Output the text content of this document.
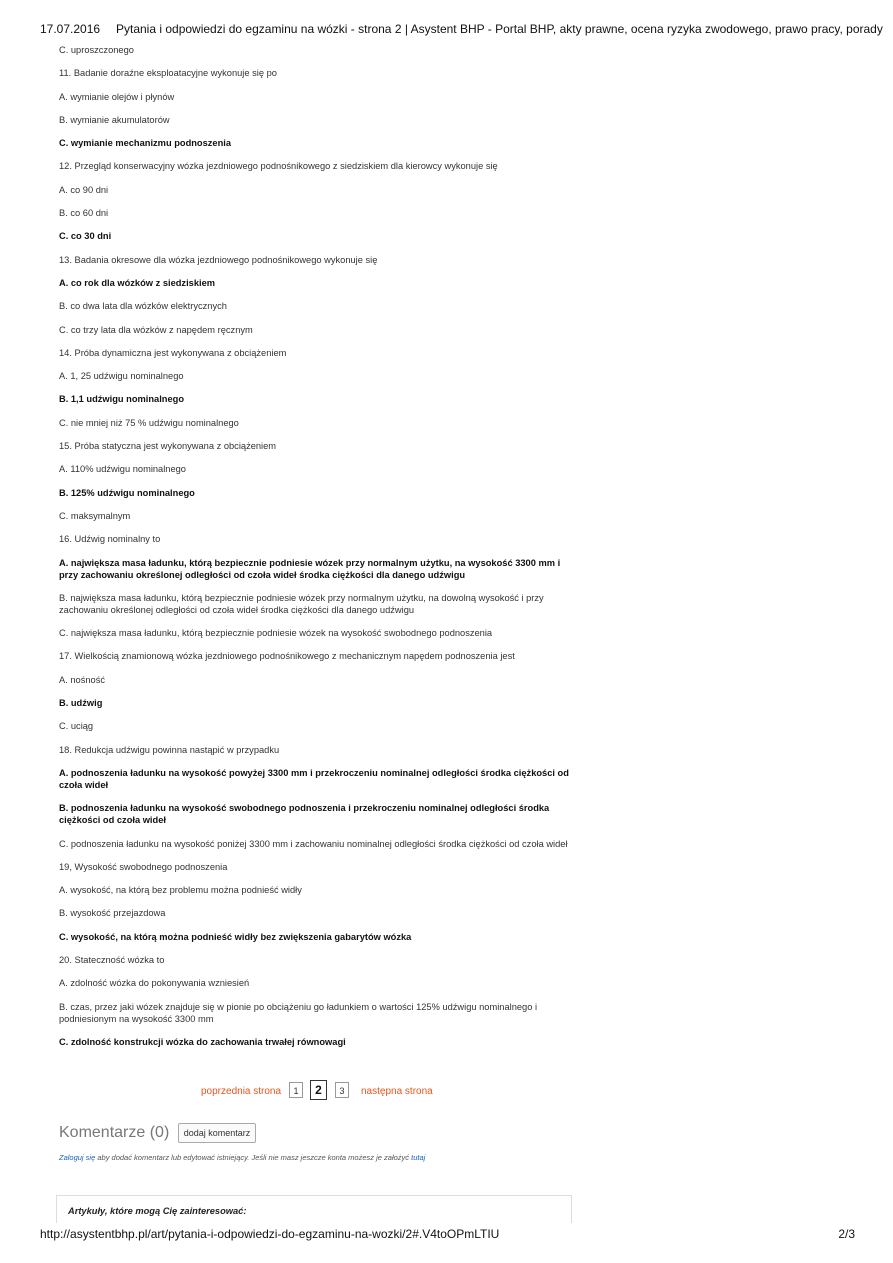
17.07.2016 Pytania i odpowiedzi do egzaminu na wózki - strona 2 | Asystent BHP - Portal BHP, akty prawne, ocena ryzyka zwodowego, prawo pracy, porady

C. uproszczonego

11. Badanie doraźne eksploatacyjne wykonuje się po

A. wymianie olejów i płynów

B. wymianie akumulatorów

C. wymianie mechanizmu podnoszenia

12. Przegląd konserwacyjny wózka jezdniowego podnośnikowego z siedziskiem dla kierowcy wykonuje się

A. co 90 dni

B. co 60 dni

C. co 30 dni

13. Badania okresowe dla wózka jezdniowego podnośnikowego wykonuje się

A. co rok dla wózków z siedziskiem

B. co dwa lata dla wózków elektrycznych

C. co trzy lata dla wózków z napędem ręcznym

14. Próba dynamiczna jest wykonywana z obciążeniem

A. 1, 25 udźwigu nominalnego

B. 1,1 udźwigu nominalnego

C. nie mniej niż 75 % udźwigu nominalnego

15. Próba statyczna jest wykonywana z obciążeniem

A. 110% udźwigu nominalnego

B. 125% udźwigu nominalnego

C. maksymalnym

16. Udźwig nominalny to

A. największa masa ładunku, którą bezpiecznie podniesie wózek przy normalnym użytku, na wysokość 3300 mm i przy zachowaniu określonej odległości od czoła wideł środka ciężkości dla danego udźwigu

B. największa masa ładunku, którą bezpiecznie podniesie wózek przy normalnym użytku, na dowolną wysokość i przy zachowaniu określonej odległości od czoła wideł środka ciężkości dla danego udźwigu

C. największa masa ładunku, którą bezpiecznie podniesie wózek na wysokość swobodnego podnoszenia

17. Wielkością znamionową wózka jezdniowego podnośnikowego z mechanicznym napędem podnoszenia jest

A. nośność

B. udźwig

C. uciąg

18. Redukcja udźwigu powinna nastąpić w przypadku

A. podnoszenia ładunku na wysokość powyżej 3300 mm i przekroczeniu nominalnej odległości środka ciężkości od czoła wideł

B. podnoszenia ładunku na wysokość swobodnego podnoszenia i przekroczeniu nominalnej odległości środka ciężkości od czoła wideł

C. podnoszenia ładunku na wysokość poniżej 3300 mm i zachowaniu nominalnej odległości środka ciężkości od czoła wideł

19, Wysokość swobodnego podnoszenia

A. wysokość, na którą bez problemu można podnieść widły

B. wysokość przejazdowa

C. wysokość, na którą można podnieść widły bez zwiększenia gabarytów wózka

20. Stateczność wózka to

A. zdolność wózka do pokonywania wzniesień

B. czas, przez jaki wózek znajduje się w pionie po obciążeniu go ładunkiem o wartości 125% udźwigu nominalnego i podniesionym na wysokość 3300 mm

C. zdolność konstrukcji wózka do zachowania trwałej równowagi

poprzednia strona	1	2	3	następna strona
Komentarze (0) dodaj komentarz
Zaloguj się aby dodać komentarz lub edytować istniejący. Jeśli nie masz jeszcze konta możesz je założyć tutaj
Artykuły, które mogą Cię zainteresować:
http://asystentbhp.pl/art/pytania-i-odpowiedzi-do-egzaminu-na-wozki/2#.V4toOPmLTIU	2/3
